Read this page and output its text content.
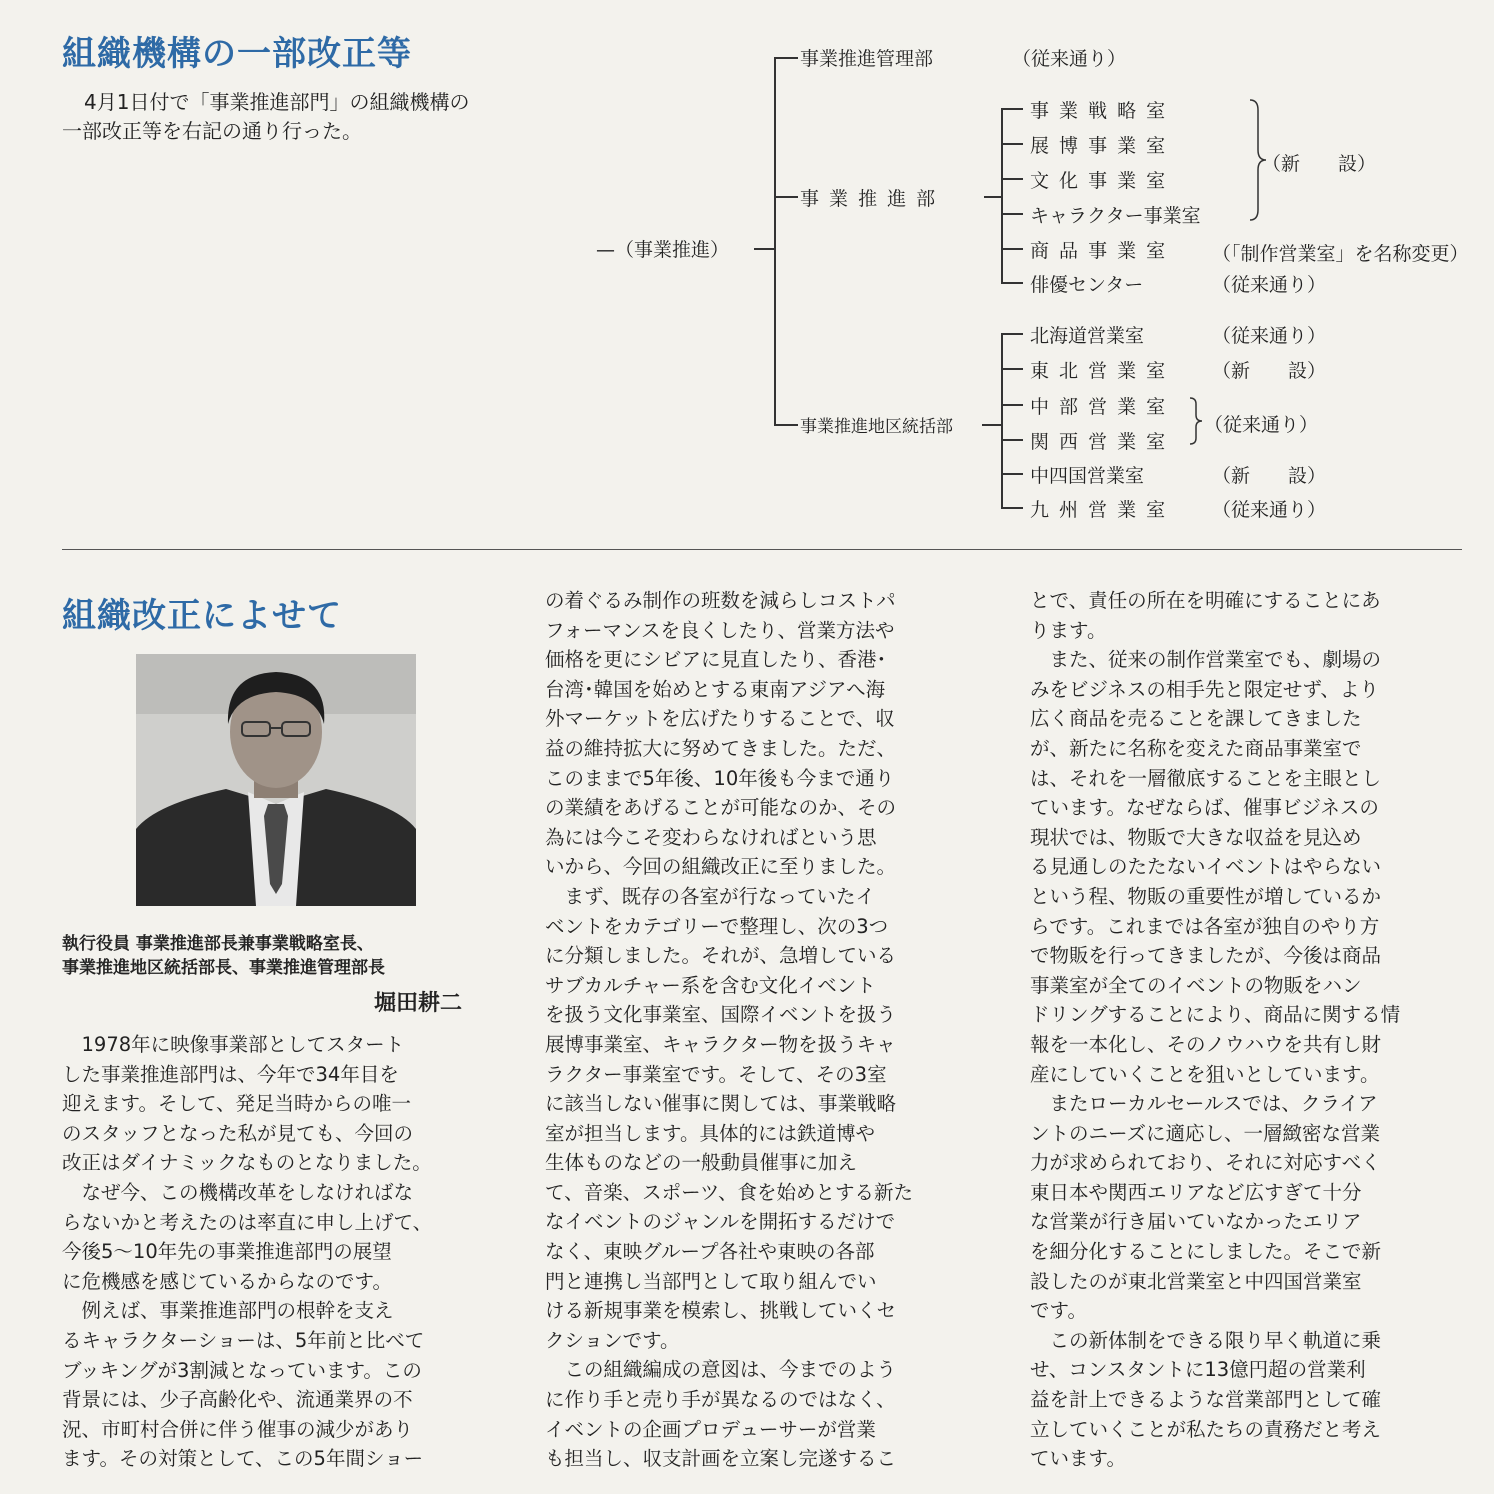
組織機構の一部改正等
4月1日付で「事業推進部門」の組織機構の
一部改正等を右記の通り行った。
—（事業推進）
事業推進管理部	（従来通り）
事 業 推 進 部
事 業 戦 略 室
展 博 事 業 室
文 化 事 業 室
キャラクター事業室
商 品 事 業 室
俳優センター
（新　　設）
（「制作営業室」を名称変更）
（従来通り）
事業推進地区統括部
北海道営業室
東 北 営 業 室
中 部 営 業 室
関 西 営 業 室
中四国営業室
九 州 営 業 室
（従来通り）
（新　　設）
（従来通り）
（新　　設）
（従来通り）
組織改正によせて
執行役員 事業推進部長兼事業戦略室長、
事業推進地区統括部長、事業推進管理部長
堀田耕二

　1978年に映像事業部としてスタート

した事業推進部門は、今年で34年目を

迎えます。そして、発足当時からの唯一

のスタッフとなった私が見ても、今回の

改正はダイナミックなものとなりました。

　なぜ今、この機構改革をしなければな

らないかと考えたのは率直に申し上げて、

今後5～10年先の事業推進部門の展望

に危機感を感じているからなのです。

　例えば、事業推進部門の根幹を支え

るキャラクターショーは、5年前と比べて

ブッキングが3割減となっています。この

背景には、少子高齢化や、流通業界の不

況、市町村合併に伴う催事の減少があり

ます。その対策として、この5年間ショー

の着ぐるみ制作の班数を減らしコストパ

フォーマンスを良くしたり、営業方法や

価格を更にシビアに見直したり、香港･

台湾･韓国を始めとする東南アジアへ海

外マーケットを広げたりすることで、収

益の維持拡大に努めてきました。ただ、

このままで5年後、10年後も今まで通り

の業績をあげることが可能なのか、その

為には今こそ変わらなければという思

いから、今回の組織改正に至りました。

　まず、既存の各室が行なっていたイ

ベントをカテゴリーで整理し、次の3つ

に分類しました。それが、急増している

サブカルチャー系を含む文化イベント

を扱う文化事業室、国際イベントを扱う

展博事業室、キャラクター物を扱うキャ

ラクター事業室です。そして、その3室

に該当しない催事に関しては、事業戦略

室が担当します。具体的には鉄道博や

生体ものなどの一般動員催事に加え

て、音楽、スポーツ、食を始めとする新た

なイベントのジャンルを開拓するだけで

なく、東映グループ各社や東映の各部

門と連携し当部門として取り組んでい

ける新規事業を模索し、挑戦していくセ

クションです。

　この組織編成の意図は、今までのよう

に作り手と売り手が異なるのではなく、

イベントの企画プロデューサーが営業

も担当し、収支計画を立案し完遂するこ

とで、責任の所在を明確にすることにあ

ります。

　また、従来の制作営業室でも、劇場の

みをビジネスの相手先と限定せず、より

広く商品を売ることを課してきました

が、新たに名称を変えた商品事業室で

は、それを一層徹底することを主眼とし

ています。なぜならば、催事ビジネスの

現状では、物販で大きな収益を見込め

る見通しのたたないイベントはやらない

という程、物販の重要性が増しているか

らです。これまでは各室が独自のやり方

で物販を行ってきましたが、今後は商品

事業室が全てのイベントの物販をハン

ドリングすることにより、商品に関する情

報を一本化し、そのノウハウを共有し財

産にしていくことを狙いとしています。

　またローカルセールスでは、クライア

ントのニーズに適応し、一層緻密な営業

力が求められており、それに対応すべく

東日本や関西エリアなど広すぎて十分

な営業が行き届いていなかったエリア

を細分化することにしました。そこで新

設したのが東北営業室と中四国営業室

です。

　この新体制をできる限り早く軌道に乗

せ、コンスタントに13億円超の営業利

益を計上できるような営業部門として確

立していくことが私たちの責務だと考え

ています。
